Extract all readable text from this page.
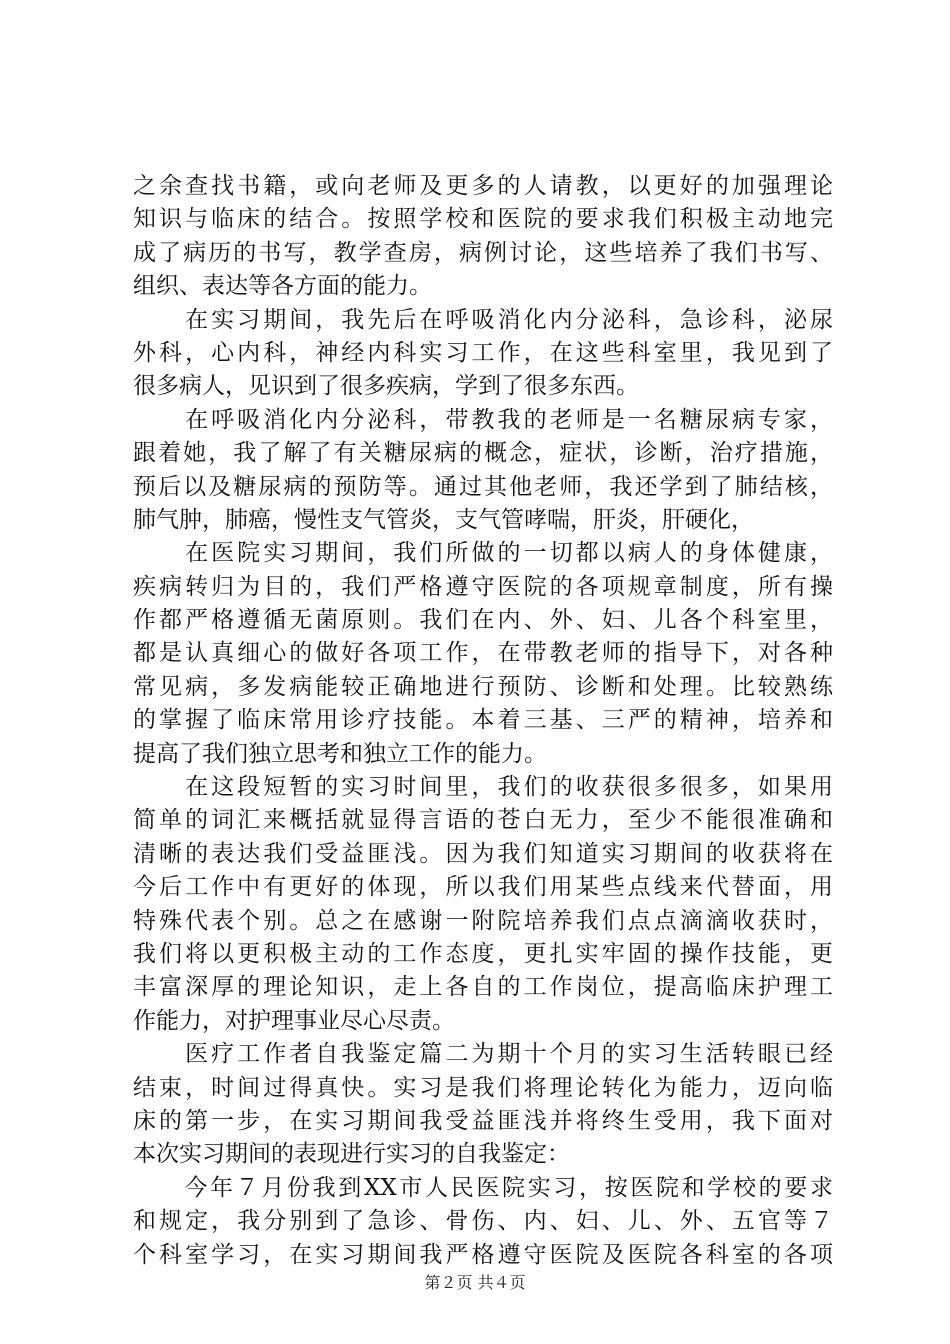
之余查找书籍，或向老师及更多的人请教，以更好的加强理论
知识与临床的结合。按照学校和医院的要求我们积极主动地完
成了病历的书写，教学查房，病例讨论，这些培养了我们书写、
组织、表达等各方面的能力。
　　在实习期间，我先后在呼吸消化内分泌科，急诊科，泌尿
外科，心内科，神经内科实习工作，在这些科室里，我见到了
很多病人，见识到了很多疾病，学到了很多东西。
　　在呼吸消化内分泌科，带教我的老师是一名糖尿病专家，
跟着她，我了解了有关糖尿病的概念，症状，诊断，治疗措施，
预后以及糖尿病的预防等。通过其他老师，我还学到了肺结核，
肺气肿，肺癌，慢性支气管炎，支气管哮喘，肝炎，肝硬化，
　　在医院实习期间，我们所做的一切都以病人的身体健康，
疾病转归为目的，我们严格遵守医院的各项规章制度，所有操
作都严格遵循无菌原则。我们在内、外、妇、儿各个科室里，
都是认真细心的做好各项工作，在带教老师的指导下，对各种
常见病，多发病能较正确地进行预防、诊断和处理。比较熟练
的掌握了临床常用诊疗技能。本着三基、三严的精神，培养和
提高了我们独立思考和独立工作的能力。
　　在这段短暂的实习时间里，我们的收获很多很多，如果用
简单的词汇来概括就显得言语的苍白无力，至少不能很准确和
清晰的表达我们受益匪浅。因为我们知道实习期间的收获将在
今后工作中有更好的体现，所以我们用某些点线来代替面，用
特殊代表个别。总之在感谢一附院培养我们点点滴滴收获时，
我们将以更积极主动的工作态度，更扎实牢固的操作技能，更
丰富深厚的理论知识，走上各自的工作岗位，提高临床护理工
作能力，对护理事业尽心尽责。
　　医疗工作者自我鉴定篇二为期十个月的实习生活转眼已经
结束，时间过得真快。实习是我们将理论转化为能力，迈向临
床的第一步，在实习期间我受益匪浅并将终生受用，我下面对
本次实习期间的表现进行实习的自我鉴定：
　　今年７月份我到XX市人民医院实习，按医院和学校的要求
和规定，我分别到了急诊、骨伤、内、妇、儿、外、五官等７
个科室学习，在实习期间我严格遵守医院及医院各科室的各项
第２页 共４页
